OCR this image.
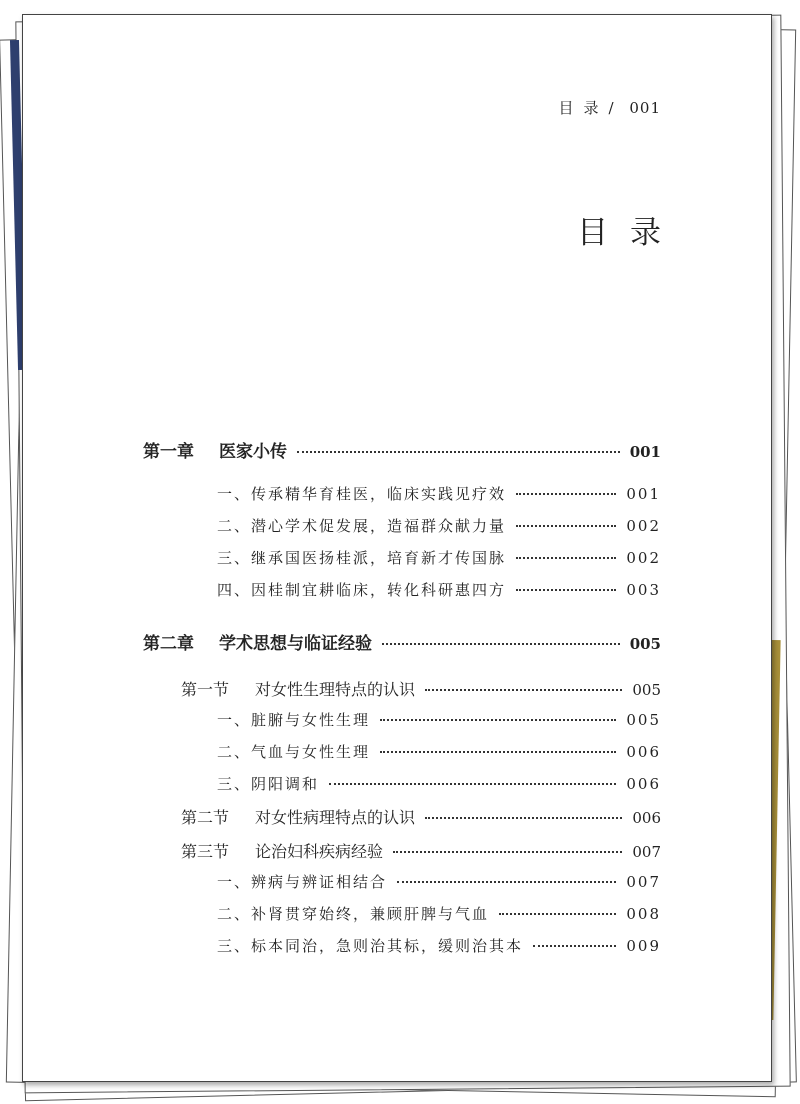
目录/ 001
目录
第一章 医家小传	001
一、传承精华育桂医，临床实践见疗效	001
二、潜心学术促发展，造福群众献力量	002
三、继承国医扬桂派，培育新才传国脉	002
四、因桂制宜耕临床，转化科研惠四方	003
第二章 学术思想与临证经验	005
第一节 对女性生理特点的认识	005
一、脏腑与女性生理	005
二、气血与女性生理	006
三、阴阳调和	006
第二节 对女性病理特点的认识	006
第三节 论治妇科疾病经验	007
一、辨病与辨证相结合	007
二、补肾贯穿始终，兼顾肝脾与气血	008
三、标本同治，急则治其标，缓则治其本	009
